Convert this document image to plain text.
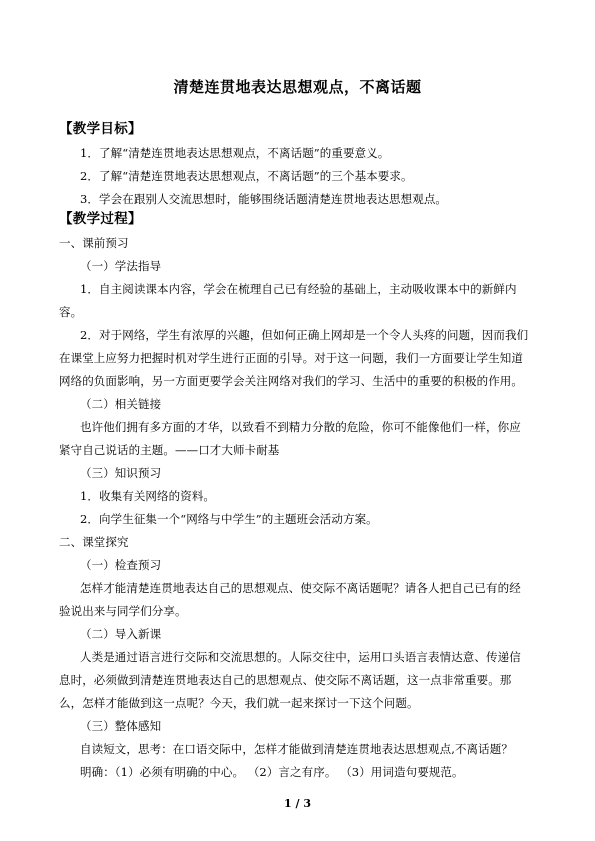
清楚连贯地表达思想观点，不离话题
【教学目标】
1．了解“清楚连贯地表达思想观点，不离话题”的重要意义。
2．了解“清楚连贯地表达思想观点，不离话题”的三个基本要求。
3．学会在跟别人交流思想时，能够围绕话题清楚连贯地表达思想观点。
【教学过程】
一、课前预习
（一）学法指导
1．自主阅读课本内容，学会在梳理自己已有经验的基础上，主动吸收课本中的新鲜内
容。
2．对于网络，学生有浓厚的兴趣，但如何正确上网却是一个令人头疼的问题，因而我们
在课堂上应努力把握时机对学生进行正面的引导。对于这一问题，我们一方面要让学生知道
网络的负面影响，另一方面更要学会关注网络对我们的学习、生活中的重要的积极的作用。
（二）相关链接
也许他们拥有多方面的才华，以致看不到精力分散的危险，你可不能像他们一样，你应
紧守自己说话的主题。——口才大师卡耐基
（三）知识预习
1．收集有关网络的资料。
2．向学生征集一个“网络与中学生”的主题班会活动方案。
二、课堂探究
（一）检查预习
怎样才能清楚连贯地表达自己的思想观点、使交际不离话题呢？请各人把自己已有的经
验说出来与同学们分享。
（二）导入新课
人类是通过语言进行交际和交流思想的。人际交往中，运用口头语言表情达意、传递信
息时，必须做到清楚连贯地表达自己的思想观点、使交际不离话题，这一点非常重要。那
么，怎样才能做到这一点呢？今天，我们就一起来探讨一下这个问题。
（三）整体感知
自读短文，思考：在口语交际中，怎样才能做到清楚连贯地表达思想观点,不离话题？
明确：（1）必须有明确的中心。 （2）言之有序。 （3）用词造句要规范。
1 / 3
